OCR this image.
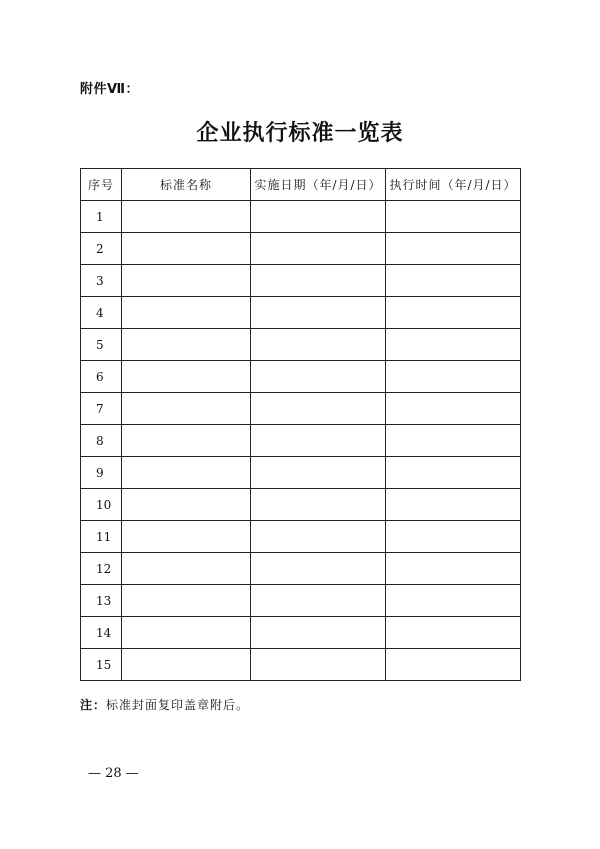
附件Ⅶ：
企业执行标准一览表
序号	标准名称	实施日期（年/月/日）	执行时间（年/月/日）
1			
2			
3			
4			
5			
6			
7			
8			
9			
10			
11			
12			
13			
14			
15			
注：标准封面复印盖章附后。
— 28 —
